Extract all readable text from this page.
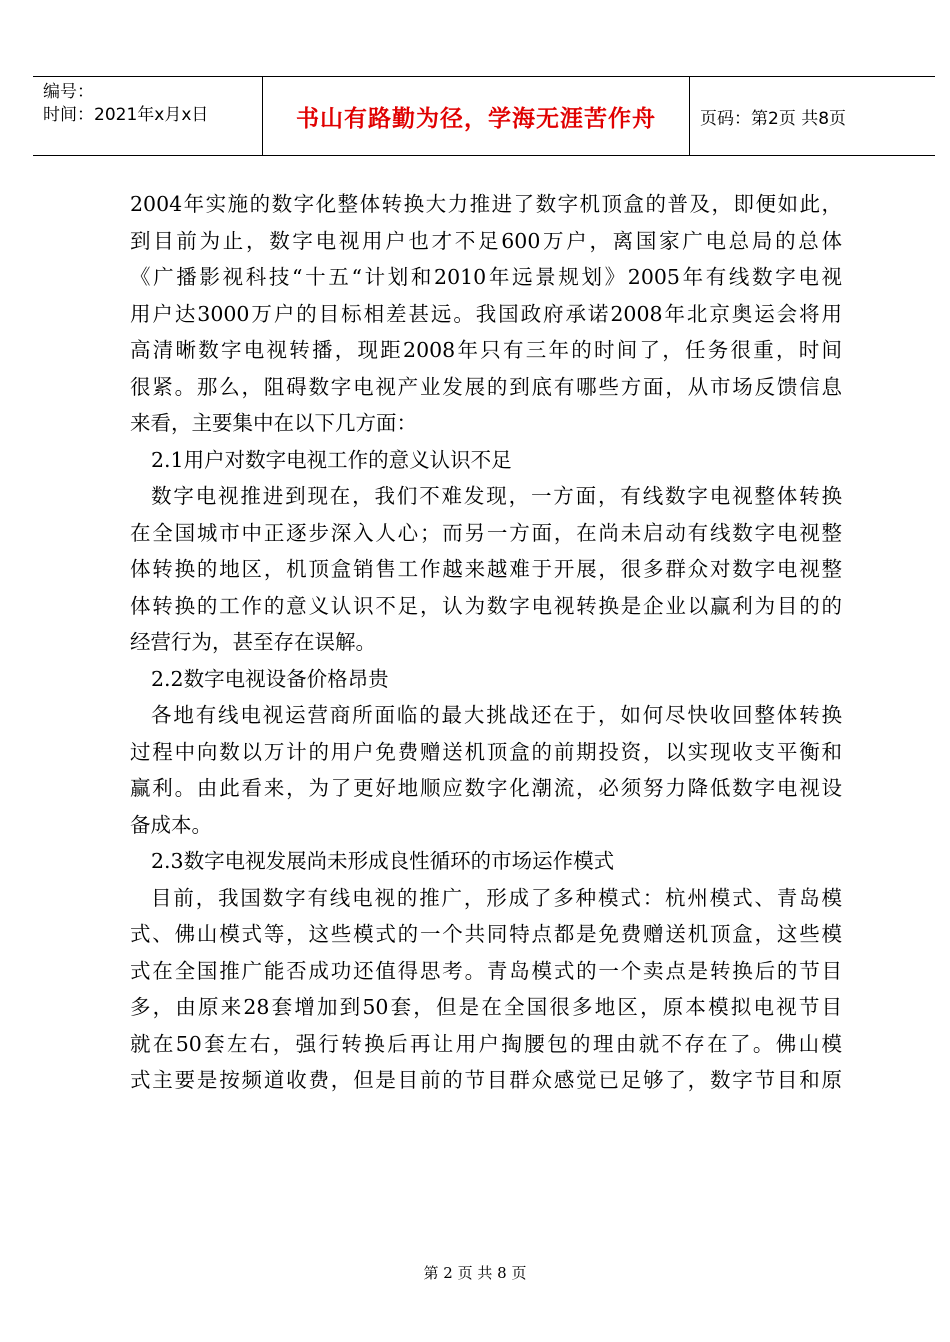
编号：
时间：2021年x月x日	书山有路勤为径，学海无涯苦作舟	页码：第2页 共8页
2004年实施的数字化整体转换大力推进了数字机顶盒的普及，即便如此，
到目前为止，数字电视用户也才不足600万户，离国家广电总局的总体
《广播影视科技“十五“计划和2010年远景规划》2005年有线数字电视
用户达3000万户的目标相差甚远。我国政府承诺2008年北京奥运会将用
高清晰数字电视转播，现距2008年只有三年的时间了，任务很重，时间
很紧。那么，阻碍数字电视产业发展的到底有哪些方面，从市场反馈信息
来看，主要集中在以下几方面：
2.1用户对数字电视工作的意义认识不足
数字电视推进到现在，我们不难发现，一方面，有线数字电视整体转换
在全国城市中正逐步深入人心；而另一方面，在尚未启动有线数字电视整
体转换的地区，机顶盒销售工作越来越难于开展，很多群众对数字电视整
体转换的工作的意义认识不足，认为数字电视转换是企业以赢利为目的的
经营行为，甚至存在误解。
2.2数字电视设备价格昂贵
各地有线电视运营商所面临的最大挑战还在于，如何尽快收回整体转换
过程中向数以万计的用户免费赠送机顶盒的前期投资，以实现收支平衡和
赢利。由此看来，为了更好地顺应数字化潮流，必须努力降低数字电视设
备成本。
2.3数字电视发展尚未形成良性循环的市场运作模式
目前，我国数字有线电视的推广，形成了多种模式：杭州模式、青岛模
式、佛山模式等，这些模式的一个共同特点都是免费赠送机顶盒，这些模
式在全国推广能否成功还值得思考。青岛模式的一个卖点是转换后的节目
多，由原来28套增加到50套，但是在全国很多地区，原本模拟电视节目
就在50套左右，强行转换后再让用户掏腰包的理由就不存在了。佛山模
式主要是按频道收费，但是目前的节目群众感觉已足够了，数字节目和原
第 2 页 共 8 页
